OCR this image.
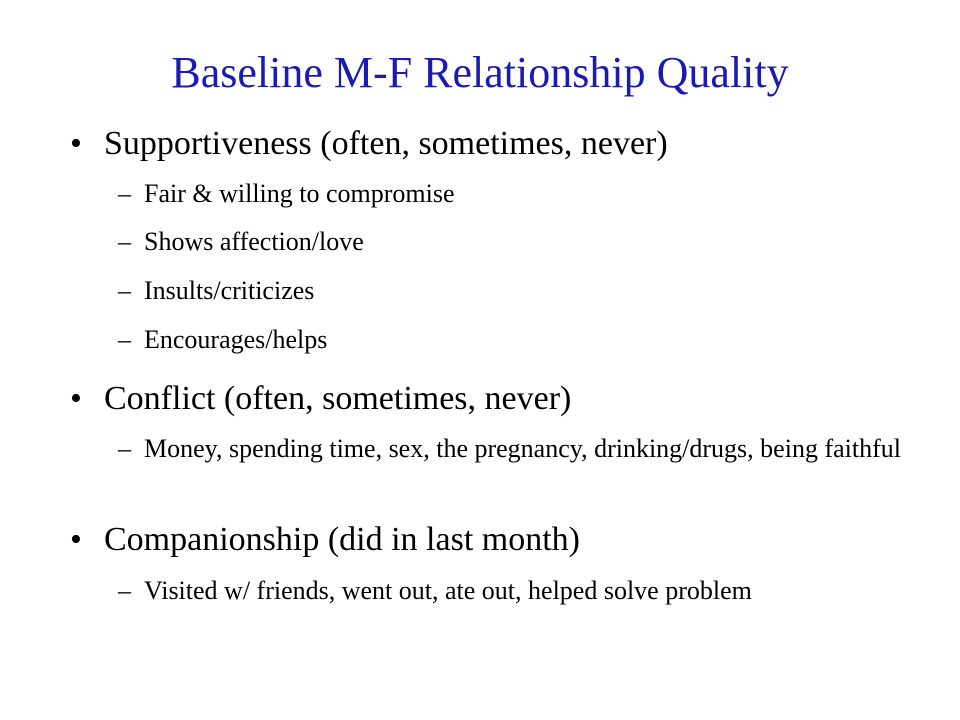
Baseline M-F Relationship Quality
• Supportiveness (often, sometimes, never)
– Fair & willing to compromise
– Shows affection/love
– Insults/criticizes
– Encourages/helps
• Conflict (often, sometimes, never)
– Money, spending time, sex, the pregnancy, drinking/drugs, being faithful
• Companionship (did in last month)
– Visited w/ friends, went out, ate out, helped solve problem
